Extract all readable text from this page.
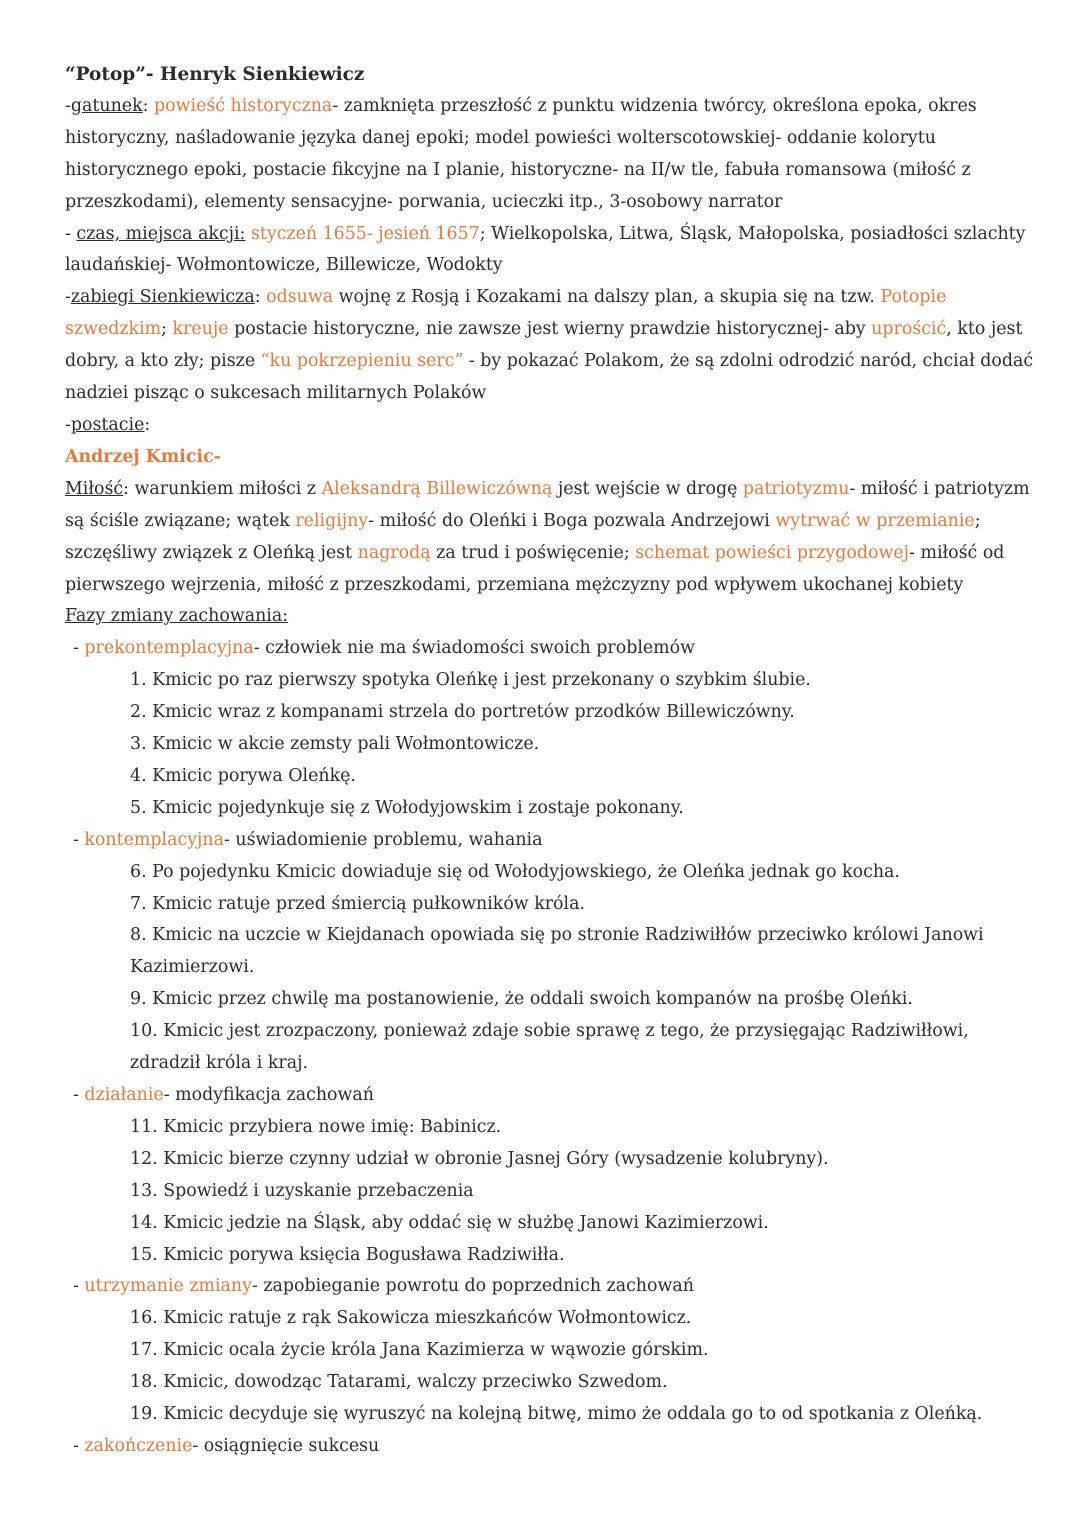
“Potop”- Henryk Sienkiewicz

-gatunek: powieść historyczna- zamknięta przeszłość z punktu widzenia twórcy, określona epoka, okres historyczny, naśladowanie języka danej epoki; model powieści wolterscotowskiej- oddanie kolorytu historycznego epoki, postacie fikcyjne na I planie, historyczne- na II/w tle, fabuła romansowa (miłość z przeszkodami), elementy sensacyjne- porwania, ucieczki itp., 3-osobowy narrator

- czas, miejsca akcji: styczeń 1655- jesień 1657; Wielkopolska, Litwa, Śląsk, Małopolska, posiadłości szlachty laudańskiej- Wołmontowicze, Billewicze, Wodokty

-zabiegi Sienkiewicza: odsuwa wojnę z Rosją i Kozakami na dalszy plan, a skupia się na tzw. Potopie szwedzkim; kreuje postacie historyczne, nie zawsze jest wierny prawdzie historycznej- aby uprościć, kto jest dobry, a kto zły; pisze “ku pokrzepieniu serc” - by pokazać Polakom, że są zdolni odrodzić naród, chciał dodać nadziei pisząc o sukcesach militarnych Polaków

-postacie:
Andrzej Kmicic-

Miłość: warunkiem miłości z Aleksandrą Billewiczówną jest wejście w drogę patriotyzmu- miłość i patriotyzm są ściśle związane; wątek religijny- miłość do Oleńki i Boga pozwala Andrzejowi wytrwać w przemianie; szczęśliwy związek z Oleńką jest nagrodą za trud i poświęcenie; schemat powieści przygodowej- miłość od pierwszego wejrzenia, miłość z przeszkodami, przemiana mężczyzny pod wpływem ukochanej kobiety

Fazy zmiany zachowania:
- prekontemplacyjna- człowiek nie ma świadomości swoich problemów
1. Kmicic po raz pierwszy spotyka Oleńkę i jest przekonany o szybkim ślubie.
2. Kmicic wraz z kompanami strzela do portretów przodków Billewiczówny.
3. Kmicic w akcie zemsty pali Wołmontowicze.
4. Kmicic porywa Oleńkę.
5. Kmicic pojedynkuje się z Wołodyjowskim i zostaje pokonany.
- kontemplacyjna- uświadomienie problemu, wahania
6. Po pojedynku Kmicic dowiaduje się od Wołodyjowskiego, że Oleńka jednak go kocha.
7. Kmicic ratuje przed śmiercią pułkowników króla.
8. Kmicic na uczcie w Kiejdanach opowiada się po stronie Radziwiłłów przeciwko królowi Janowi Kazimierzowi.
9. Kmicic przez chwilę ma postanowienie, że oddali swoich kompanów na prośbę Oleńki.
10. Kmicic jest zrozpaczony, ponieważ zdaje sobie sprawę z tego, że przysięgając Radziwiłłowi, zdradził króla i kraj.
- działanie- modyfikacja zachowań
11. Kmicic przybiera nowe imię: Babinicz.
12. Kmicic bierze czynny udział w obronie Jasnej Góry (wysadzenie kolubryny).
13. Spowiedź i uzyskanie przebaczenia
14. Kmicic jedzie na Śląsk, aby oddać się w służbę Janowi Kazimierzowi.
15. Kmicic porywa księcia Bogusława Radziwiłła.
- utrzymanie zmiany- zapobieganie powrotu do poprzednich zachowań
16. Kmicic ratuje z rąk Sakowicza mieszkańców Wołmontowicz.
17. Kmicic ocala życie króla Jana Kazimierza w wąwozie górskim.
18. Kmicic, dowodząc Tatarami, walczy przeciwko Szwedom.
19. Kmicic decyduje się wyruszyć na kolejną bitwę, mimo że oddala go to od spotkania z Oleńką.
- zakończenie- osiągnięcie sukcesu
